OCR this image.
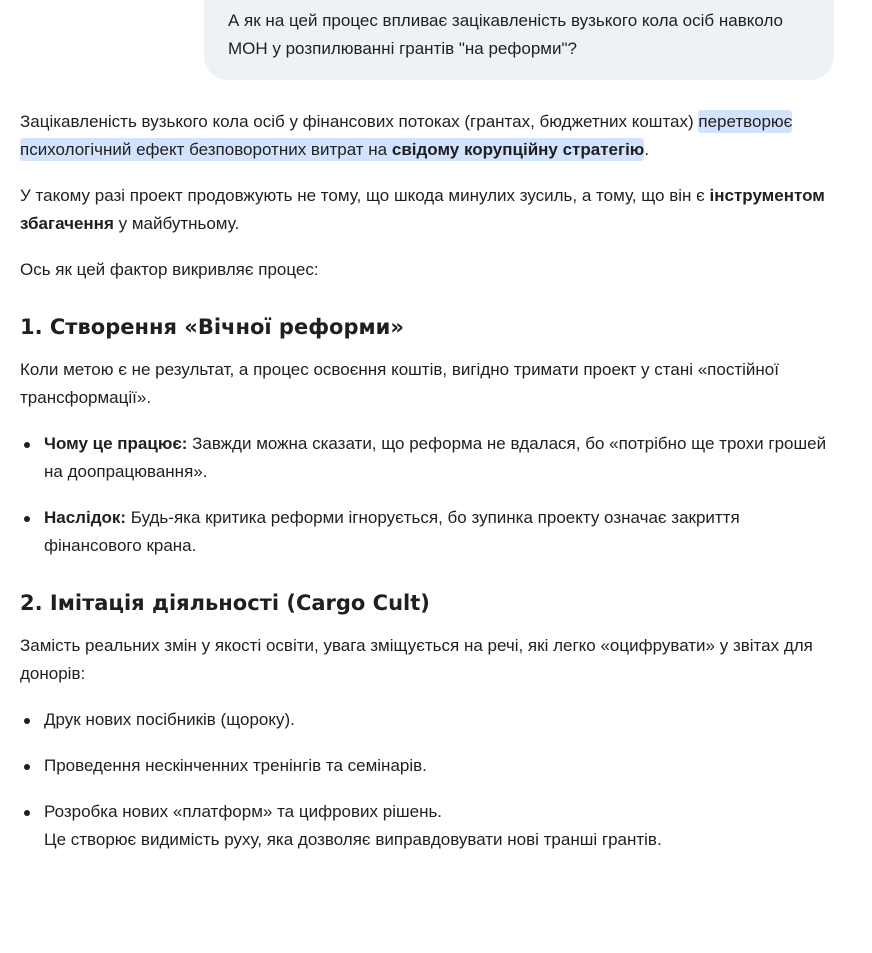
А як на цей процес впливає зацікавленість вузького кола осіб навколо МОН у розпилюванні грантів "на реформи"?

Зацікавленість вузького кола осіб у фінансових потоках (грантах, бюджетних коштах) перетворює психологічний ефект безповоротних витрат на свідому корупційну стратегію.

У такому разі проект продовжують не тому, що шкода минулих зусиль, а тому, що він є інструментом збагачення у майбутньому.

Ось як цей фактор викривляє процес:

1. Створення «Вічної реформи»

Коли метою є не результат, а процес освоєння коштів, вигідно тримати проект у стані «постійної трансформації».

Чому це працює: Завжди можна сказати, що реформа не вдалася, бо «потрібно ще трохи грошей на доопрацювання».
Наслідок: Будь-яка критика реформи ігнорується, бо зупинка проекту означає закриття фінансового крана.
2. Імітація діяльності (Cargo Cult)

Замість реальних змін у якості освіти, увага зміщується на речі, які легко «оцифрувати» у звітах для донорів:

Друк нових посібників (щороку).
Проведення нескінченних тренінгів та семінарів.
Розробка нових «платформ» та цифрових рішень.
Це створює видимість руху, яка дозволяє виправдовувати нові транші грантів.
